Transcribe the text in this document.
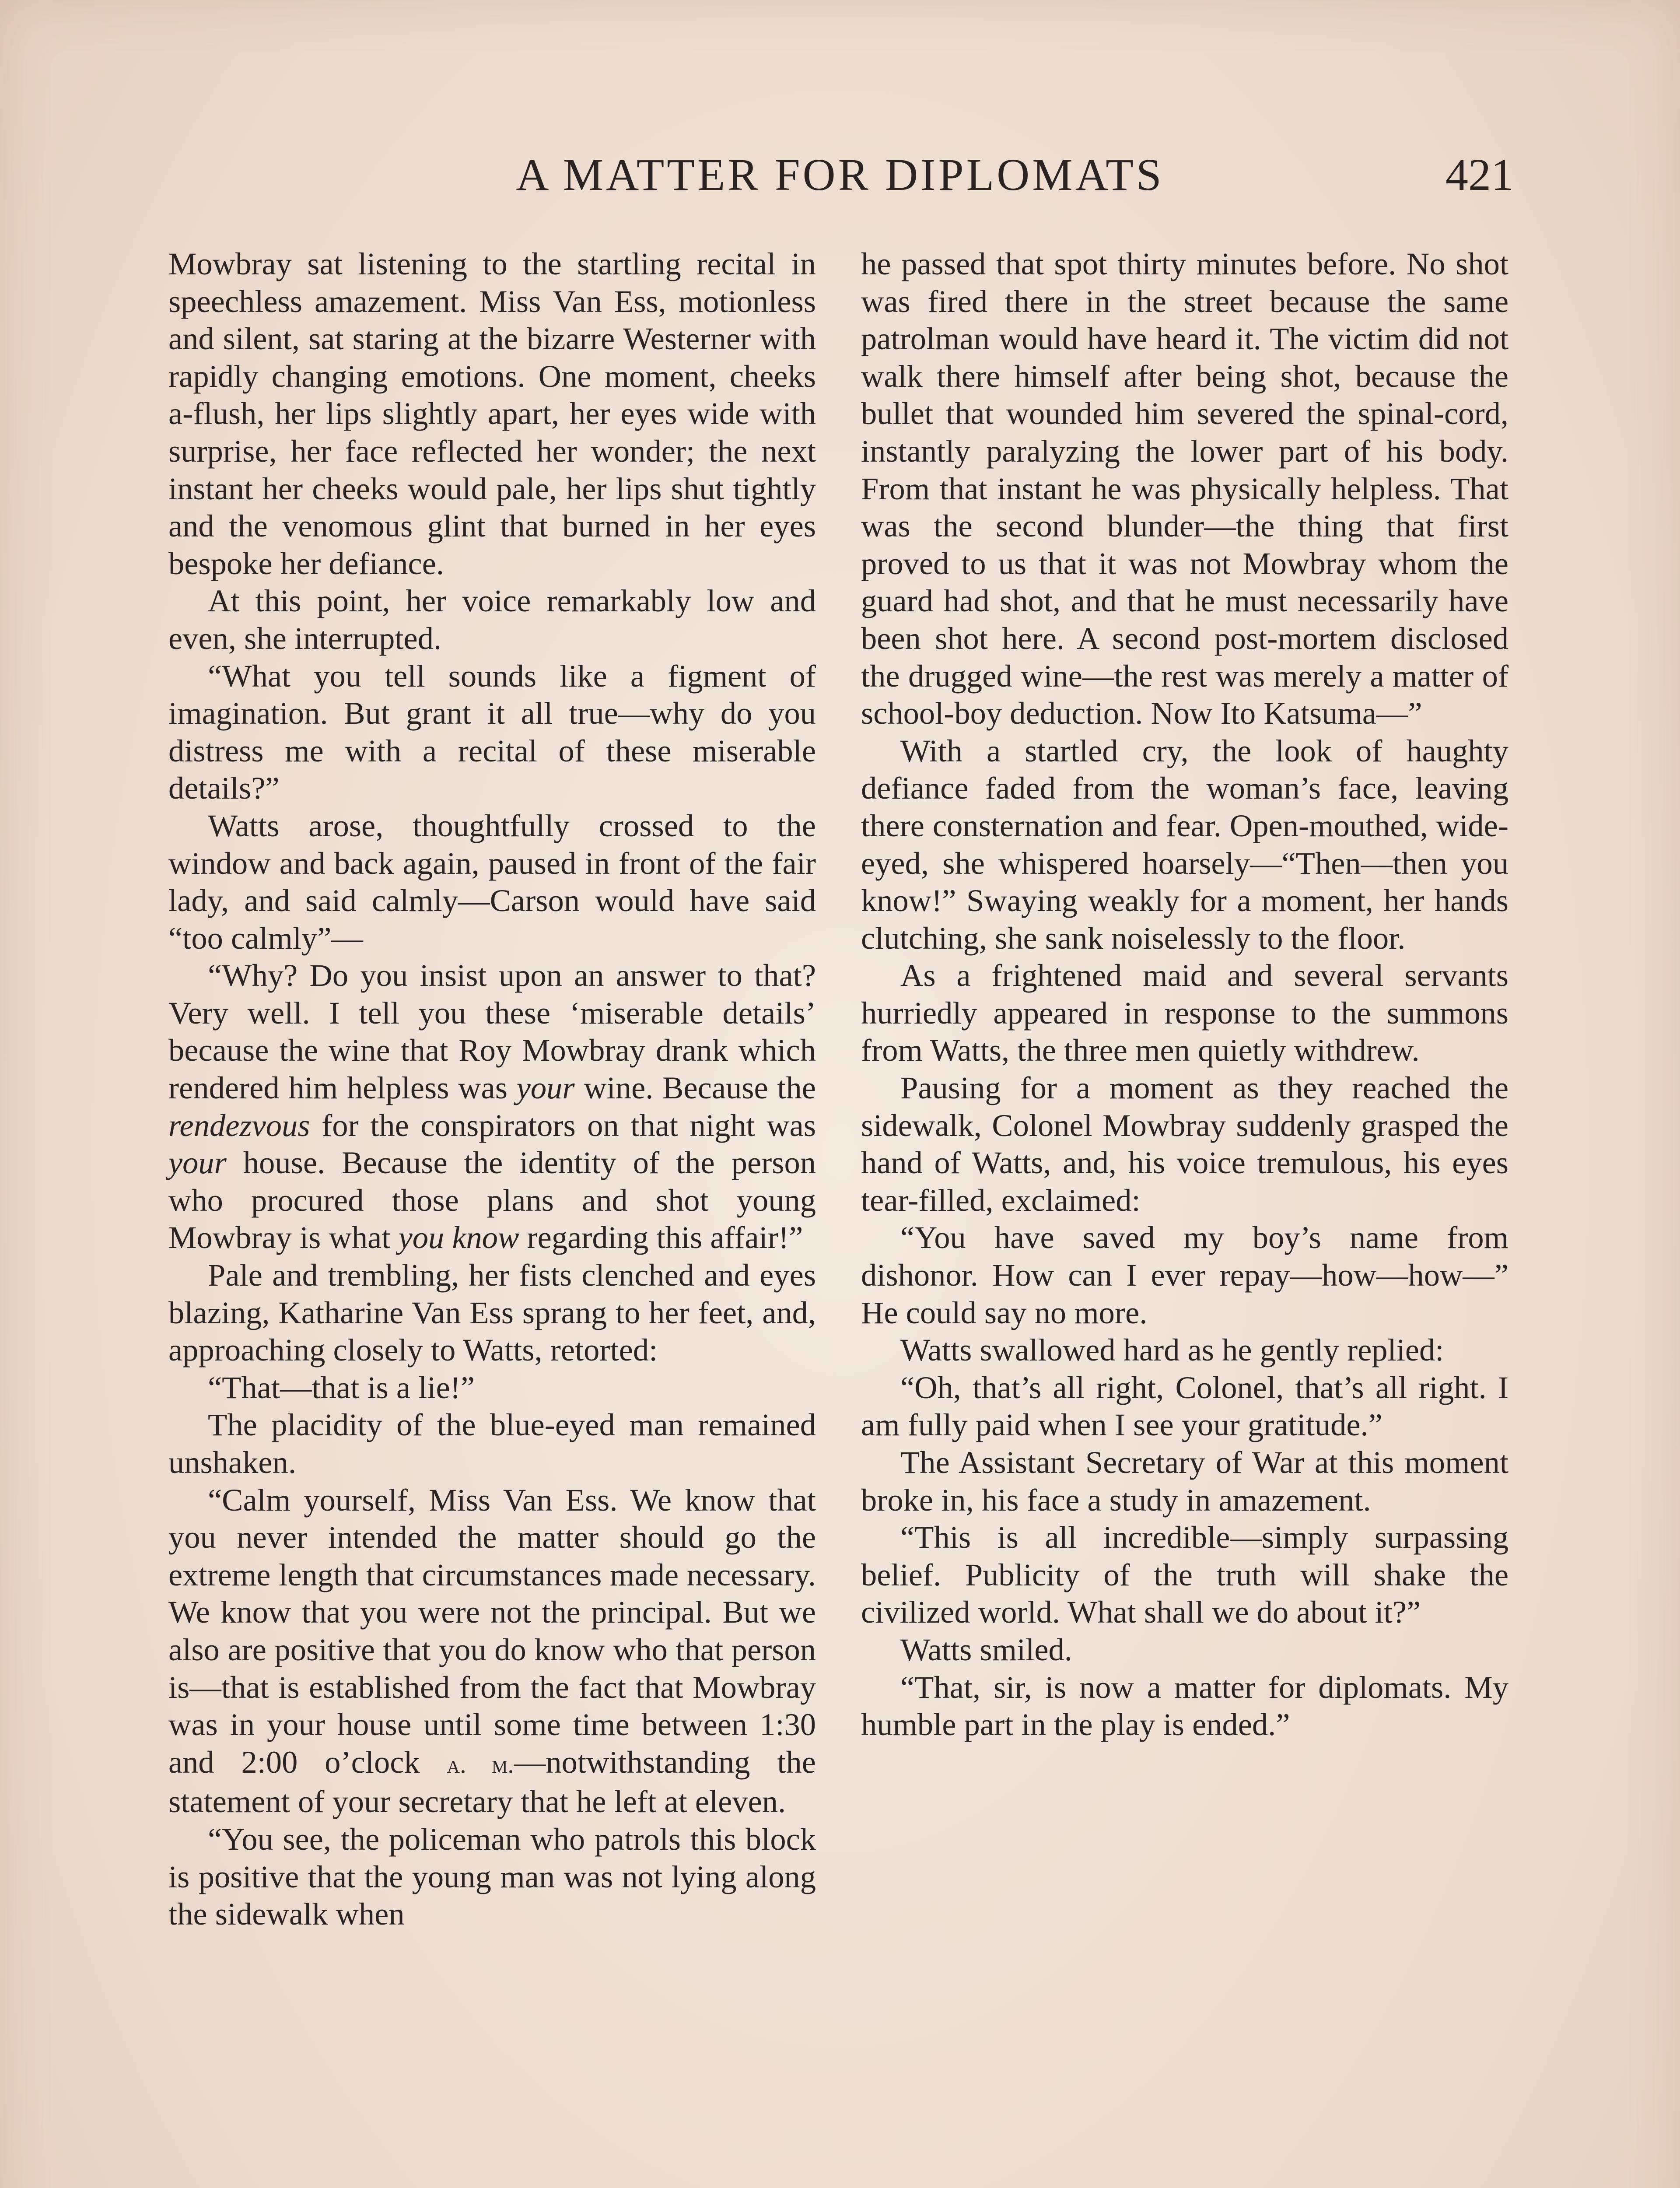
A MATTER FOR DIPLOMATS	421

Mowbray sat listening to the startling recital in speechless amazement. Miss Van Ess, motionless and silent, sat staring at the bizarre Westerner with rapidly changing emotions. One moment, cheeks a-flush, her lips slightly apart, her eyes wide with surprise, her face reflected her wonder; the next instant her cheeks would pale, her lips shut tightly and the venomous glint that burned in her eyes bespoke her defiance.

At this point, her voice remarkably low and even, she interrupted.

“What you tell sounds like a figment of imagination. But grant it all true—why do you distress me with a recital of these miserable details?”

Watts arose, thoughtfully crossed to the window and back again, paused in front of the fair lady, and said calmly—Carson would have said “too calmly”—

“Why? Do you insist upon an answer to that? Very well. I tell you these ‘miserable details’ because the wine that Roy Mowbray drank which rendered him helpless was your wine. Because the rendezvous for the conspirators on that night was your house. Because the identity of the person who procured those plans and shot young Mowbray is what you know regarding this affair!”

Pale and trembling, her fists clenched and eyes blazing, Katharine Van Ess sprang to her feet, and, approaching closely to Watts, retorted:

“That—that is a lie!”

The placidity of the blue-eyed man remained unshaken.

“Calm yourself, Miss Van Ess. We know that you never intended the matter should go the extreme length that circumstances made necessary. We know that you were not the principal. But we also are positive that you do know who that person is—that is established from the fact that Mowbray was in your house until some time between 1:30 and 2:00 o’clock a. m.—notwithstanding the statement of your secretary that he left at eleven.

“You see, the policeman who patrols this block is positive that the young man was not lying along the sidewalk when

he passed that spot thirty minutes before. No shot was fired there in the street because the same patrolman would have heard it. The victim did not walk there himself after being shot, because the bullet that wounded him severed the spinal-cord, instantly paralyzing the lower part of his body. From that instant he was physically helpless. That was the second blunder—the thing that first proved to us that it was not Mowbray whom the guard had shot, and that he must necessarily have been shot here. A second post-mortem disclosed the drugged wine—the rest was merely a matter of school-boy deduction. Now Ito Katsuma—”

With a startled cry, the look of haughty defiance faded from the woman’s face, leaving there consternation and fear. Open-mouthed, wide-eyed, she whispered hoarsely—“Then—then you know!” Swaying weakly for a moment, her hands clutching, she sank noiselessly to the floor.

As a frightened maid and several servants hurriedly appeared in response to the summons from Watts, the three men quietly withdrew.

Pausing for a moment as they reached the sidewalk, Colonel Mowbray suddenly grasped the hand of Watts, and, his voice tremulous, his eyes tear-filled, exclaimed:

“You have saved my boy’s name from dishonor. How can I ever repay—how—how—” He could say no more.

Watts swallowed hard as he gently replied:

“Oh, that’s all right, Colonel, that’s all right. I am fully paid when I see your gratitude.”

The Assistant Secretary of War at this moment broke in, his face a study in amazement.

“This is all incredible—simply surpassing belief. Publicity of the truth will shake the civilized world. What shall we do about it?”

Watts smiled.

“That, sir, is now a matter for diplomats. My humble part in the play is ended.”
